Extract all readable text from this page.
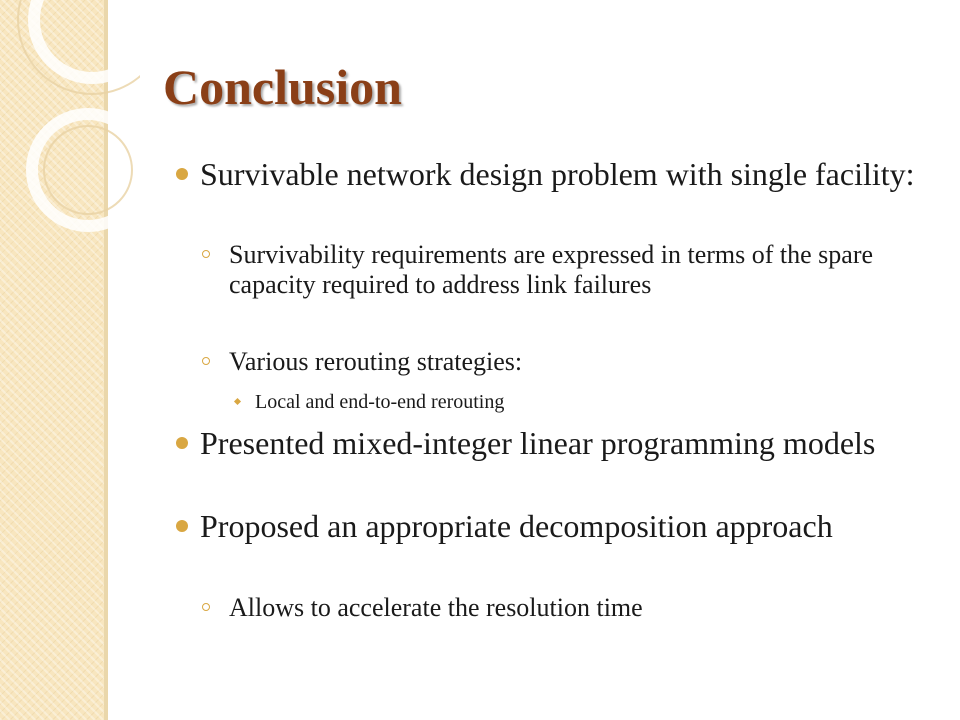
Conclusion
Survivable network design problem with single facility:
Survivability requirements are expressed in terms of the spare capacity required to address link failures
Various rerouting strategies:
Local and end-to-end rerouting
Presented mixed-integer linear programming models
Proposed an appropriate decomposition approach
Allows to accelerate the resolution time
